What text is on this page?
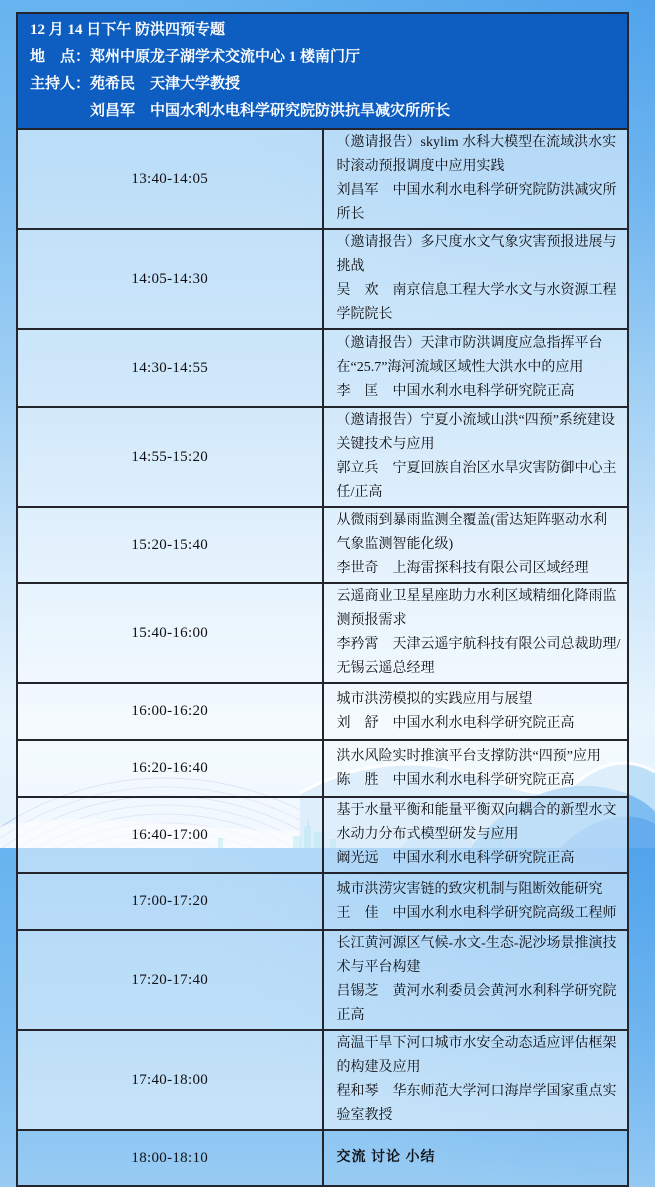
12 月 14 日下午 防洪四预专题
地　点：郑州中原龙子湖学术交流中心 1 楼南门厅
主持人：苑希民　天津大学教授
刘昌军　中国水利水电科学研究院防洪抗旱减灾所所长	

13:40-14:05	（邀请报告）skylim 水科大模型在流域洪水实时滚动预报调度中应用实践
刘昌军　中国水利水电科学研究院防洪减灾所所长

14:05-14:30	（邀请报告）多尺度水文气象灾害预报进展与挑战
吴　欢　南京信息工程大学水文与水资源工程学院院长

14:30-14:55	（邀请报告）天津市防洪调度应急指挥平台在“25.7”海河流域区域性大洪水中的应用
李　匡　中国水利水电科学研究院正高

14:55-15:20	（邀请报告）宁夏小流域山洪“四预”系统建设关键技术与应用
郭立兵　宁夏回族自治区水旱灾害防御中心主任/正高

15:20-15:40	从微雨到暴雨监测全覆盖(雷达矩阵驱动水利气象监测智能化级)
李世奇　上海雷探科技有限公司区域经理

15:40-16:00	云遥商业卫星星座助力水利区域精细化降雨监测预报需求
李矜霄　天津云遥宇航科技有限公司总裁助理/无锡云遥总经理

16:00-16:20	城市洪涝模拟的实践应用与展望
刘　舒　中国水利水电科学研究院正高

16:20-16:40	洪水风险实时推演平台支撑防洪“四预”应用
陈　胜　中国水利水电科学研究院正高

16:40-17:00	基于水量平衡和能量平衡双向耦合的新型水文水动力分布式模型研发与应用
阚光远　中国水利水电科学研究院正高

17:00-17:20	城市洪涝灾害链的致灾机制与阻断效能研究
王　佳　中国水利水电科学研究院高级工程师

17:20-17:40	长江黄河源区气候-水文-生态-泥沙场景推演技术与平台构建
吕锡芝　黄河水利委员会黄河水利科学研究院正高

17:40-18:00	高温干旱下河口城市水安全动态适应评估框架的构建及应用
程和琴　华东师范大学河口海岸学国家重点实验室教授

18:00-18:10	交流 讨论 小结
